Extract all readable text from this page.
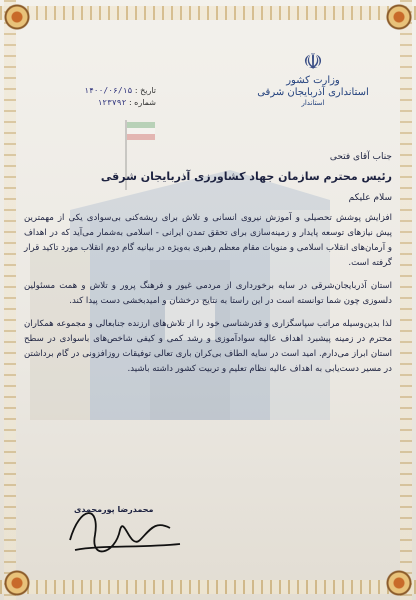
☫
وزارت کشور
استانداری آذربایجان شرقی
استاندار
تاریخ : ۱۴۰۰/۰۶/۱۵
شماره : ۱۲۳۷۹۲
جناب آقای فتحی
رئیس محترم سازمان جهاد کشاورزی آذربایجان شرقی
سلام علیکم

افزایش پوشش تحصیلی و آموزش نیروی انسانی و تلاش برای ریشه‌کنی بی‌سوادی یکی از مهمترین پیش نیازهای توسعه پایدار و زمینه‌سازی برای تحقق تمدن ایرانی - اسلامی به‌شمار می‌آید که در اهداف و آرمان‌های انقلاب اسلامی و منویات مقام معظم رهبری به‌ویژه در بیانیه گام دوم انقلاب مورد تاکید قرار گرفته است.

استان آذربایجان‌شرقی در سایه برخورداری از مردمی غیور و فرهنگ پرور و تلاش و همت مسئولین دلسوزی چون شما توانسته است در این راستا به نتایج درخشان و امیدبخشی دست پیدا کند.

لذا بدین‌وسیله مراتب سپاسگزاری و قدرشناسی خود را از تلاش‌های ارزنده جنابعالی و مجموعه همکاران محترم در زمینه پیشبرد اهداف عالیه سوادآموزی و رشد کمی و کیفی شاخص‌های باسوادی در سطح استان ابراز می‌دارم. امید است در سایه الطاف بی‌کران باری تعالی توفیقات روزافزونی در گام برداشتن در مسیر دست‌یابی به اهداف عالیه نظام تعلیم و تربیت کشور داشته باشید.

محمدرضا پورمحمدی
